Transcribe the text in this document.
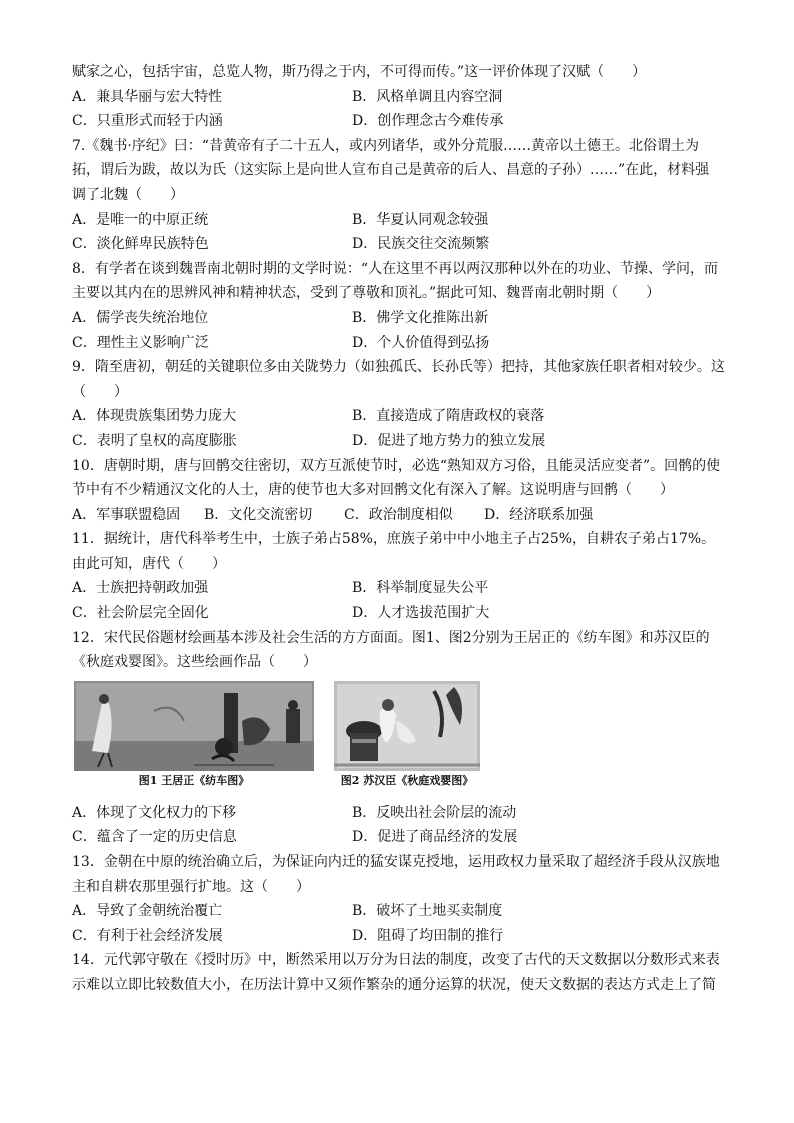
赋家之心，包括宇宙，总览人物，斯乃得之于内，不可得而传。”这一评价体现了汉赋（　　）
A．兼具华丽与宏大特性	B．风格单调且内容空洞
C．只重形式而轻于内涵	D．创作理念古今难传承
7.《魏书·序纪》曰：“昔黄帝有子二十五人，或内列诸华，或外分荒服……黄帝以土德王。北俗谓土为
拓，谓后为跋，故以为氏（这实际上是向世人宣布自己是黄帝的后人、昌意的子孙）……”在此，材料强
调了北魏（　　）
A．是唯一的中原正统	B．华夏认同观念较强
C．淡化鲜卑民族特色	D．民族交往交流频繁
8．有学者在谈到魏晋南北朝时期的文学时说：“人在这里不再以两汉那种以外在的功业、节操、学问，而
主要以其内在的思辨风神和精神状态，受到了尊敬和顶礼。”据此可知、魏晋南北朝时期（　　）
A．儒学丧失统治地位	B．佛学文化推陈出新
C．理性主义影响广泛	D．个人价值得到弘扬
9．隋至唐初，朝廷的关键职位多由关陇势力（如独孤氏、长孙氏等）把持，其他家族任职者相对较少。这
（　　）
A．体现贵族集团势力庞大	B．直接造成了隋唐政权的衰落
C．表明了皇权的高度膨胀	D．促进了地方势力的独立发展
10．唐朝时期，唐与回鹘交往密切，双方互派使节时，必选“熟知双方习俗，且能灵活应变者”。回鹘的使
节中有不少精通汉文化的人士，唐的使节也大多对回鹘文化有深入了解。这说明唐与回鹘（　　）
A．军事联盟稳固	B．文化交流密切	C．政治制度相似	D．经济联系加强
11．据统计，唐代科举考生中，士族子弟占58%，庶族子弟中中小地主子占25%，自耕农子弟占17%。
由此可知，唐代（　　）
A．士族把持朝政加强	B．科举制度显失公平
C．社会阶层完全固化	D．人才选拔范围扩大
12．宋代民俗题材绘画基本涉及社会生活的方方面面。图1、图2分别为王居正的《纺车图》和苏汉臣的
《秋庭戏婴图》。这些绘画作品（　　）
图1 王居正《纺车图》	图2 苏汉臣《秋庭戏婴图》
A．体现了文化权力的下移	B．反映出社会阶层的流动
C．蕴含了一定的历史信息	D．促进了商品经济的发展
13．金朝在中原的统治确立后，为保证向内迁的猛安谋克授地，运用政权力量采取了超经济手段从汉族地
主和自耕农那里强行扩地。这（　　）
A．导致了金朝统治覆亡	B．破坏了土地买卖制度
C．有利于社会经济发展	D．阻碍了均田制的推行
14．元代郭守敬在《授时历》中，断然采用以万分为日法的制度，改变了古代的天文数据以分数形式来表
示难以立即比较数值大小，在历法计算中又须作繁杂的通分运算的状况，使天文数据的表达方式走上了简
